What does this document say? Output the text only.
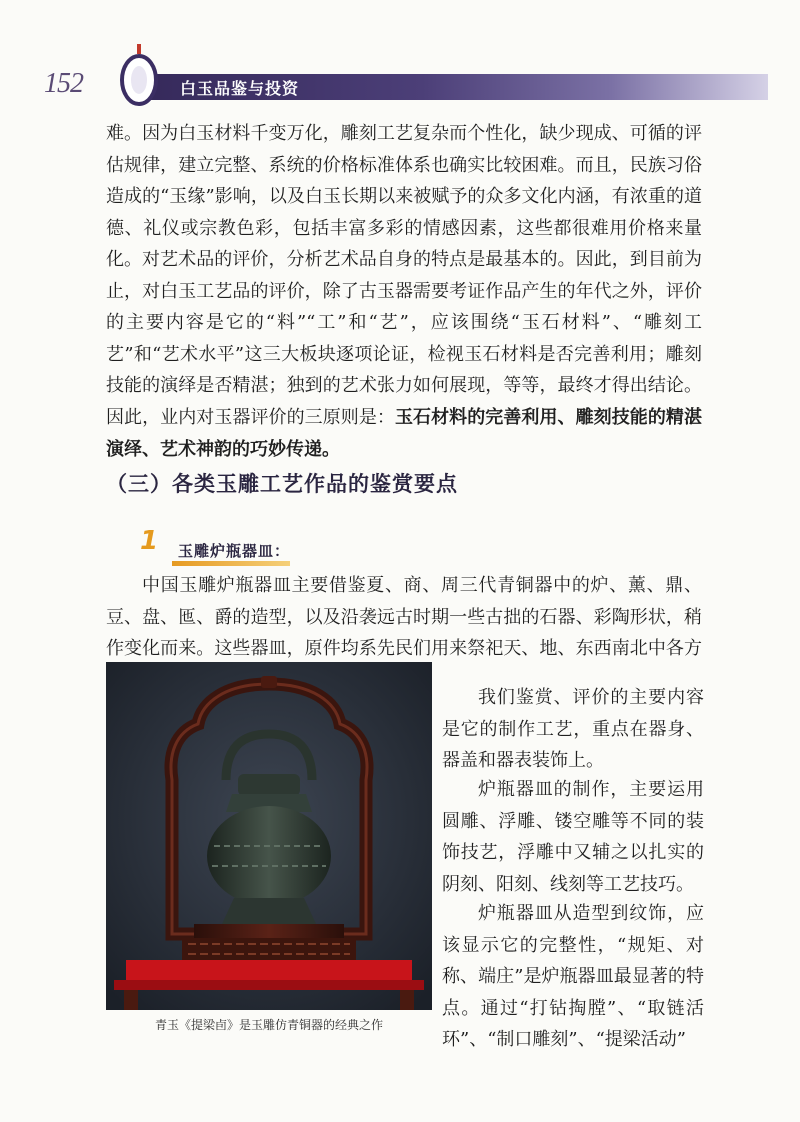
152	白玉品鉴与投资

难。因为白玉材料千变万化，雕刻工艺复杂而个性化，缺少现成、可循的评估规律，建立完整、系统的价格标准体系也确实比较困难。而且，民族习俗造成的“玉缘”影响，以及白玉长期以来被赋予的众多文化内涵，有浓重的道德、礼仪或宗教色彩，包括丰富多彩的情感因素，这些都很难用价格来量化。 对艺术品的评价，分析艺术品自身的特点是最基本的。因此，到目前为止，对白玉工艺品的评价，除了古玉器需要考证作品产生的年代之外，评价的主要内容是它的“料”“工”和“艺”，应该围绕“玉石材料”、“雕刻工艺”和“艺术水平”这三大板块逐项论证，检视玉石材料是否完善利用；雕刻技能的演绎是否精湛；独到的艺术张力如何展现，等等，最终才得出结论。因此，业内对玉器评价的三原则是：玉石材料的完善利用、雕刻技能的精湛演绎、艺术神韵的巧妙传递。

（三）各类玉雕工艺作品的鉴赏要点
1 玉雕炉瓶器皿：

中国玉雕炉瓶器皿主要借鉴夏、商、周三代青铜器中的炉、薰、鼎、豆、盘、匜、爵的造型，以及沿袭远古时期一些古拙的石器、彩陶形状，稍作变化而来。这些器皿，原件均系先民们用来祭祀天、地、东西南北中各方

青玉《提梁卣》是玉雕仿青铜器的经典之作

我们鉴赏、评价的主要内容是它的制作工艺，重点在器身、器盖和器表装饰上。

炉瓶器皿的制作，主要运用圆雕、浮雕、镂空雕等不同的装饰技艺，浮雕中又辅之以扎实的阴刻、阳刻、线刻等工艺技巧。

炉瓶器皿从造型到纹饰，应该显示它的完整性，“规矩、对称、端庄”是炉瓶器皿最显著的特点。通过“打钻掏膛”、“取链活环”、“制口雕刻”、“提梁活动”
